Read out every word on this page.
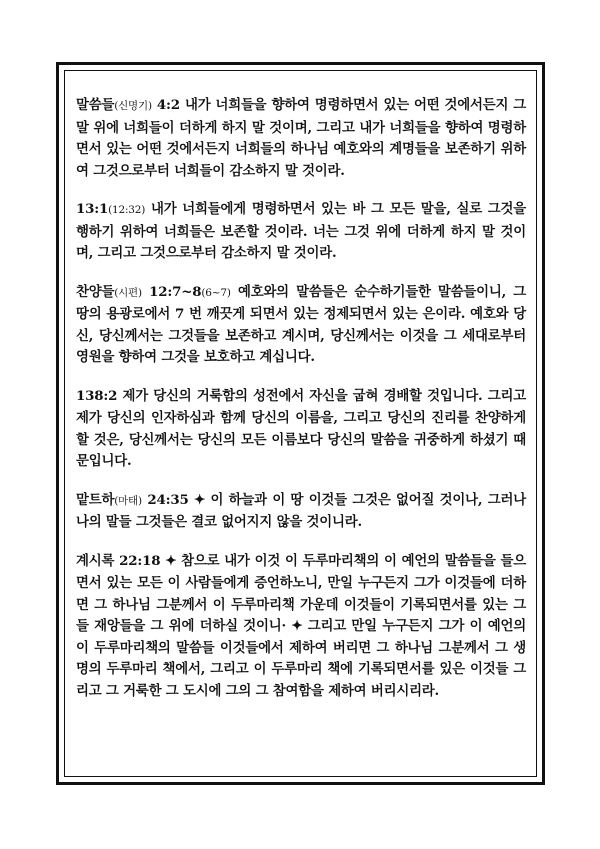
말씀들(신명기) 4:2 내가 너희들을 향하여 명령하면서 있는 어떤 것에서든지 그 말 위에 너희들이 더하게 하지 말 것이며, 그리고 내가 너희들을 향하여 명령하면서 있는 어떤 것에서든지 너희들의 하나님 예호와의 계명들을 보존하기 위하여 그것으로부터 너희들이 감소하지 말 것이라.

13:1(12:32) 내가 너희들에게 명령하면서 있는 바 그 모든 말을, 실로 그것을 행하기 위하여 너희들은 보존할 것이라. 너는 그것 위에 더하게 하지 말 것이며, 그리고 그것으로부터 감소하지 말 것이라.

찬양들(시편) 12:7~8(6~7) 예호와의 말씀들은 순수하기들한 말씀들이니, 그 땅의 용광로에서 7 번 깨끗게 되면서 있는 정제되면서 있는 은이라. 예호와 당신, 당신께서는 그것들을 보존하고 계시며, 당신께서는 이것을 그 세대로부터 영원을 향하여 그것을 보호하고 계십니다.

138:2 제가 당신의 거룩함의 성전에서 자신을 굽혀 경배할 것입니다. 그리고 제가 당신의 인자하심과 함께 당신의 이름을, 그리고 당신의 진리를 찬양하게 할 것은, 당신께서는 당신의 모든 이름보다 당신의 말씀을 귀중하게 하셨기 때문입니다.

맡트하(마태) 24:35 ✦ 이 하늘과 이 땅 이것들 그것은 없어질 것이나, 그러나 나의 말들 그것들은 결코 없어지지 않을 것이니라.

계시록 22:18 ✦ 참으로 내가 이것 이 두루마리책의 이 예언의 말씀들을 들으면서 있는 모든 이 사람들에게 증언하노니, 만일 누구든지 그가 이것들에 더하면 그 하나님 그분께서 이 두루마리책 가운데 이것들이 기록되면서를 있는 그들 재앙들을 그 위에 더하실 것이니· ✦ 그리고 만일 누구든지 그가 이 예언의 이 두루마리책의 말씀들 이것들에서 제하여 버리면 그 하나님 그분께서 그 생명의 두루마리 책에서, 그리고 이 두루마리 책에 기록되면서를 있은 이것들 그리고 그 거룩한 그 도시에 그의 그 참여함을 제하여 버리시리라.
